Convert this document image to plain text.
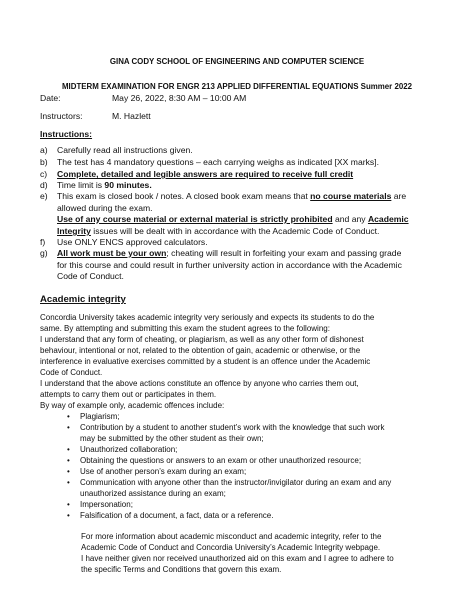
GINA CODY SCHOOL OF ENGINEERING AND COMPUTER SCIENCE
MIDTERM EXAMINATION FOR ENGR 213 APPLIED DIFFERENTIAL EQUATIONS Summer 2022
Date:	May 26, 2022, 8:30 AM – 10:00 AM
Instructors:	M. Hazlett
Instructions:
a) Carefully read all instructions given.
b) The test has 4 mandatory questions – each carrying weighs as indicated [XX marks].
c) Complete, detailed and legible answers are required to receive full credit
d) Time limit is 90 minutes.
e) This exam is closed book / notes. A closed book exam means that no course materials are
allowed during the exam.
Use of any course material or external material is strictly prohibited and any Academic
Integrity issues will be dealt with in accordance with the Academic Code of Conduct.
f) Use ONLY ENCS approved calculators.
g) All work must be your own; cheating will result in forfeiting your exam and passing grade
for this course and could result in further university action in accordance with the Academic
Code of Conduct.
Academic integrity
Concordia University takes academic integrity very seriously and expects its students to do the
same. By attempting and submitting this exam the student agrees to the following:
I understand that any form of cheating, or plagiarism, as well as any other form of dishonest
behaviour, intentional or not, related to the obtention of gain, academic or otherwise, or the
interference in evaluative exercises committed by a student is an offence under the Academic
Code of Conduct.
I understand that the above actions constitute an offence by anyone who carries them out,
attempts to carry them out or participates in them.
By way of example only, academic offences include:
• Plagiarism;
• Contribution by a student to another student’s work with the knowledge that such work
may be submitted by the other student as their own;
• Unauthorized collaboration;
• Obtaining the questions or answers to an exam or other unauthorized resource;
• Use of another person’s exam during an exam;
• Communication with anyone other than the instructor/invigilator during an exam and any
unauthorized assistance during an exam;
• Impersonation;
• Falsification of a document, a fact, data or a reference.
For more information about academic misconduct and academic integrity, refer to the
Academic Code of Conduct and Concordia University’s Academic Integrity webpage.
I have neither given nor received unauthorized aid on this exam and I agree to adhere to
the specific Terms and Conditions that govern this exam.
